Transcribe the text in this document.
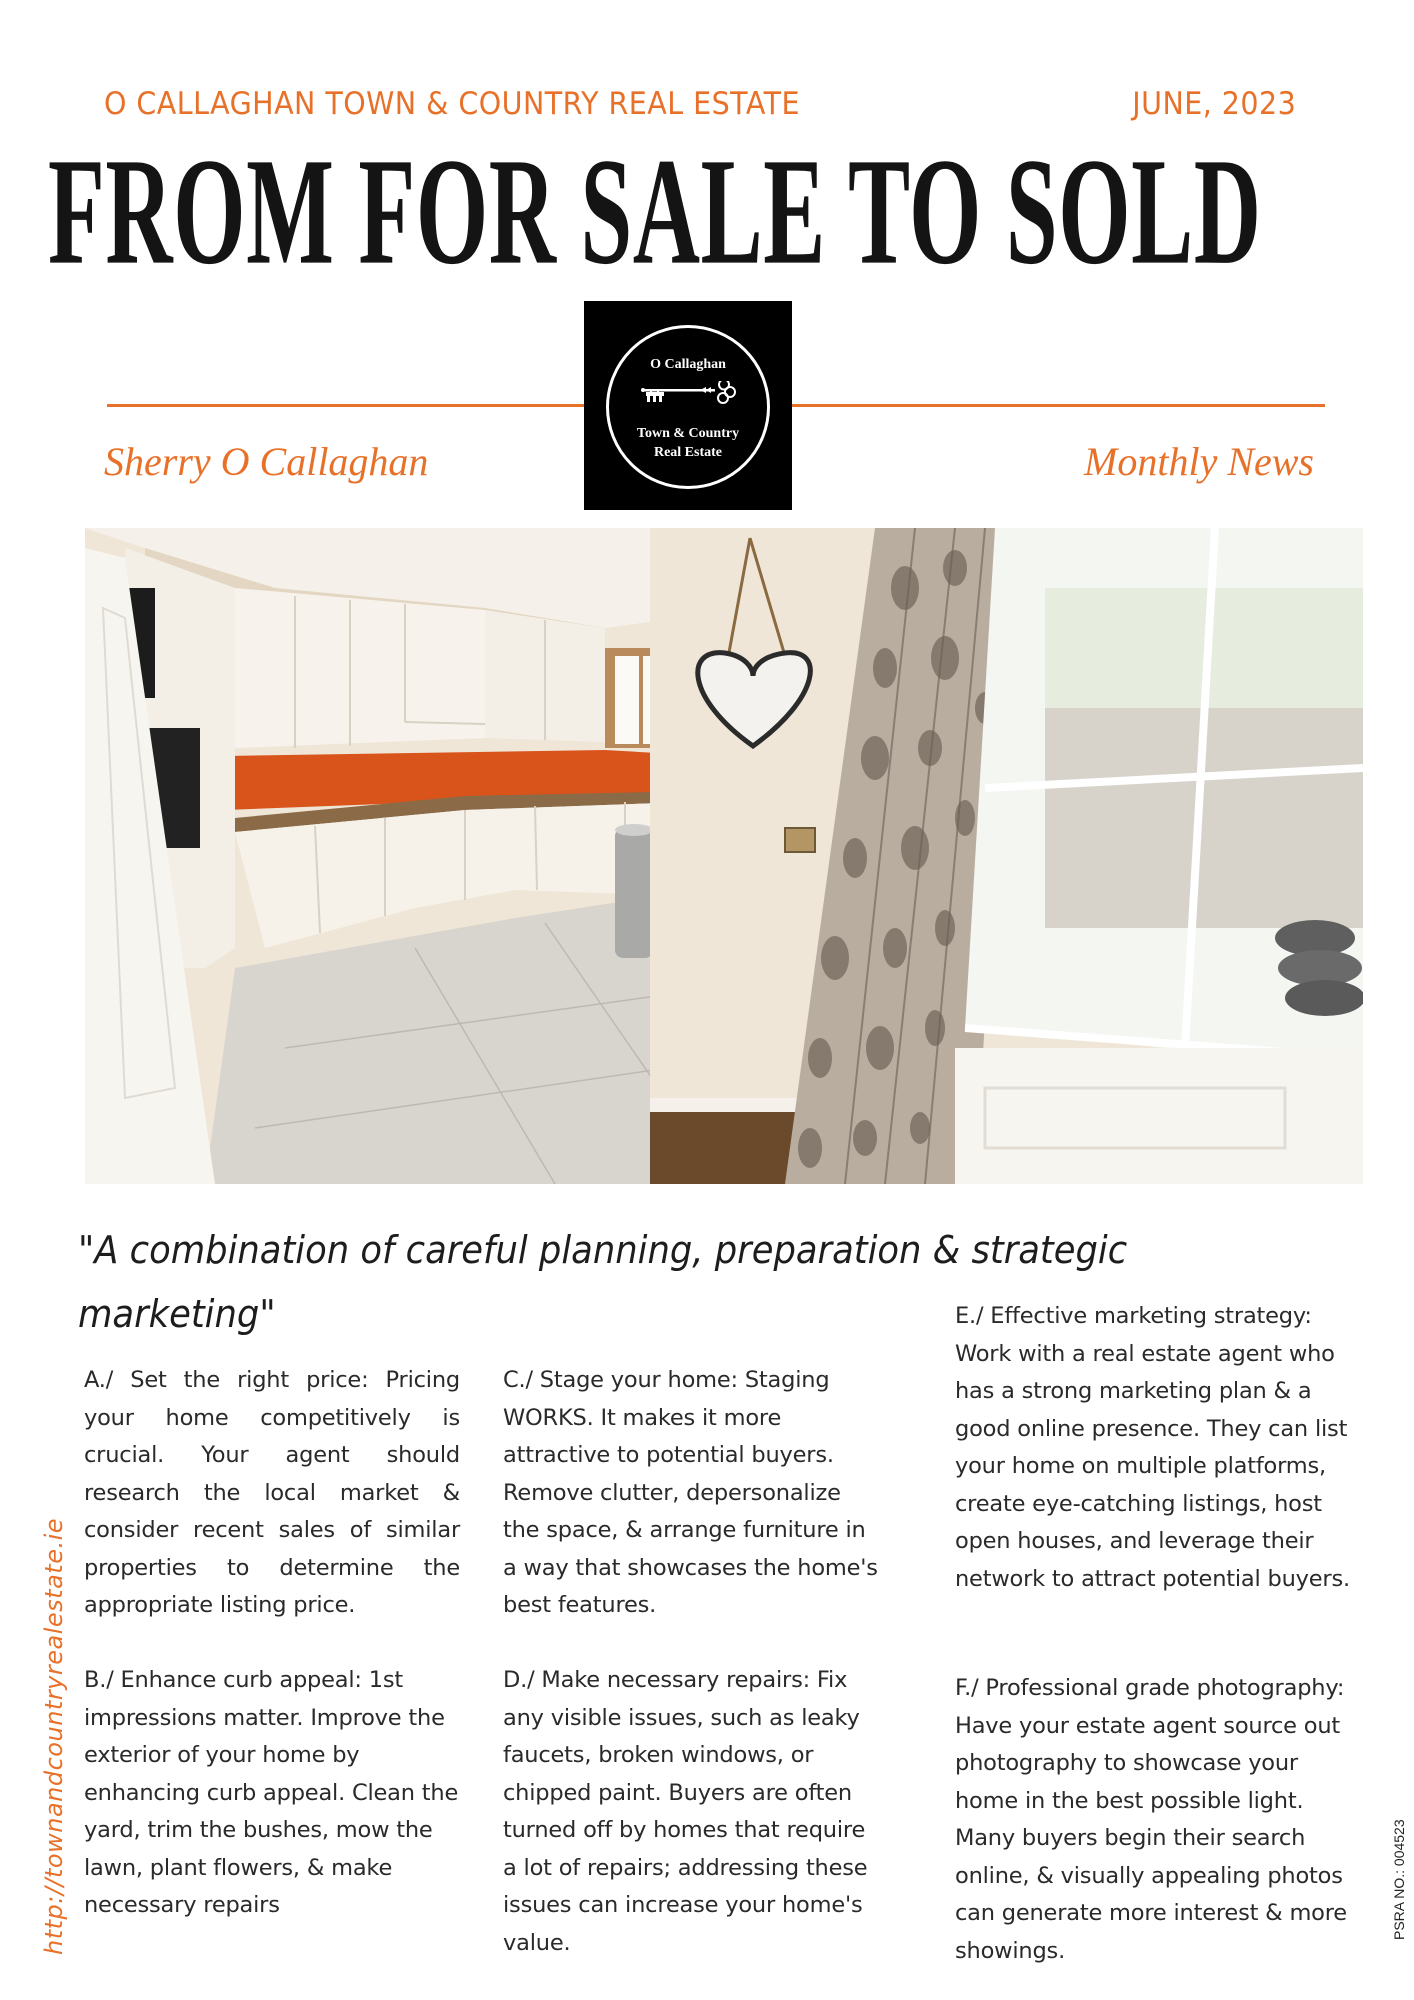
O CALLAGHAN TOWN & COUNTRY REAL ESTATE	JUNE, 2023
FROM FOR SALE TO SOLD
O Callaghan
Town & Country
Real Estate
Sherry O Callaghan	Monthly News
"A combination of careful planning, preparation & strategic marketing"
A./ Set the right price: Pricing your home competitively is crucial. Your agent should research the local market & consider recent sales of similar properties to determine the appropriate listing price.
B./ Enhance curb appeal: 1st impressions matter. Improve the exterior of your home by enhancing curb appeal. Clean the yard, trim the bushes, mow the lawn, plant flowers, & make necessary repairs
C./ Stage your home: Staging WORKS. It makes it more attractive to potential buyers. Remove clutter, depersonalize the space, & arrange furniture in a way that showcases the home's best features.
D./ Make necessary repairs: Fix any visible issues, such as leaky faucets, broken windows, or chipped paint. Buyers are often turned off by homes that require a lot of repairs; addressing these issues can increase your home's value.
E./ Effective marketing strategy: Work with a real estate agent who has a strong marketing plan & a good online presence. They can list your home on multiple platforms, create eye-catching listings, host open houses, and leverage their network to attract potential buyers.
F./ Professional grade photography: Have your estate agent source out photography to showcase your home in the best possible light. Many buyers begin their search online, & visually appealing photos can generate more interest & more showings.
http://townandcountryrealestate.ie	PSRA NO.: 004523
